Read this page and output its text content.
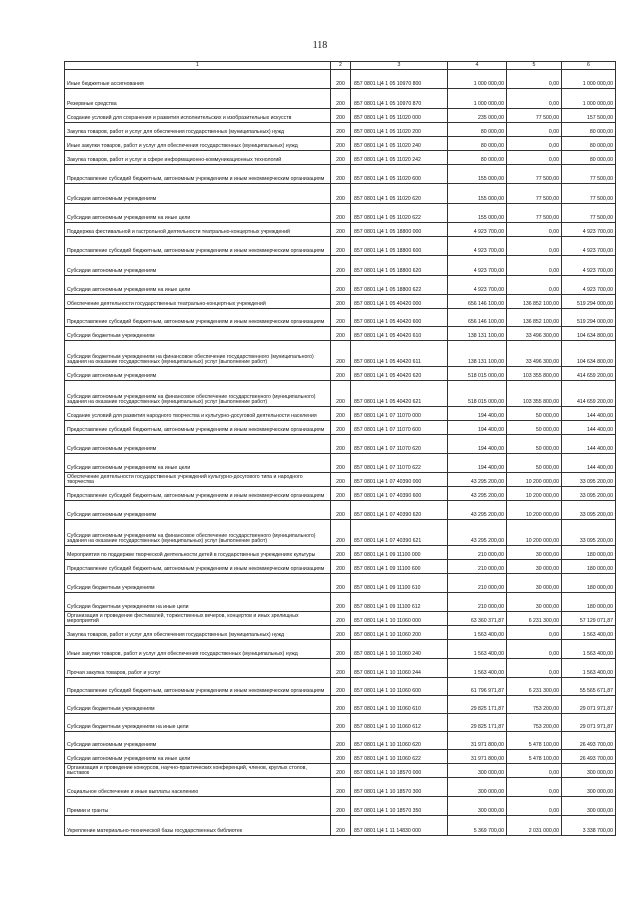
118
1	2	3	4	5	6
Иные бюджетные ассигнования	200	857 0801 Ц4 1 05 10970 800	1 000 000,00	0,00	1 000 000,00
Резервные средства	200	857 0801 Ц4 1 05 10970 870	1 000 000,00	0,00	1 000 000,00
Создание условий для сохранения и развития исполнительских и изобразительных искусств	200	857 0801 Ц4 1 05 11020 000	235 000,00	77 500,00	157 500,00
Закупка товаров, работ и услуг для обеспечения государственных (муниципальных) нужд	200	857 0801 Ц4 1 05 11020 200	80 000,00	0,00	80 000,00
Иные закупки товаров, работ и услуг для обеспечения государственных (муниципальных) нужд	200	857 0801 Ц4 1 05 11020 240	80 000,00	0,00	80 000,00
Закупка товаров, работ и услуг в сфере информационно-коммуникационных технологий	200	857 0801 Ц4 1 05 11020 242	80 000,00	0,00	80 000,00
Предоставление субсидий бюджетным, автономным учреждениям и иным некоммерческим организациям	200	857 0801 Ц4 1 05 11020 600	155 000,00	77 500,00	77 500,00
Субсидии автономным учреждениям	200	857 0801 Ц4 1 05 11020 620	155 000,00	77 500,00	77 500,00
Субсидии автономным учреждениям на иные цели	200	857 0801 Ц4 1 05 11020 622	155 000,00	77 500,00	77 500,00
Поддержка фестивальной и гастрольной деятельности театрально-концертных учреждений	200	857 0801 Ц4 1 05 18800 000	4 923 700,00	0,00	4 923 700,00
Предоставление субсидий бюджетным, автономным учреждениям и иным некоммерческим организациям	200	857 0801 Ц4 1 05 18800 600	4 923 700,00	0,00	4 923 700,00
Субсидии автономным учреждениям	200	857 0801 Ц4 1 05 18800 620	4 923 700,00	0,00	4 923 700,00
Субсидии автономным учреждениям на иные цели	200	857 0801 Ц4 1 05 18800 622	4 923 700,00	0,00	4 923 700,00
Обеспечение деятельности государственных театрально-концертных учреждений	200	857 0801 Ц4 1 05 40420 000	656 146 100,00	136 852 100,00	519 294 000,00
Предоставление субсидий бюджетным, автономным учреждениям и иным некоммерческим организациям	200	857 0801 Ц4 1 05 40420 600	656 146 100,00	136 852 100,00	519 294 000,00
Субсидии бюджетным учреждениям	200	857 0801 Ц4 1 05 40420 610	138 131 100,00	33 496 300,00	104 634 800,00
Субсидии бюджетным учреждениям на финансовое обеспечение государственного (муниципального) задания на оказание государственных (муниципальных) услуг (выполнение работ)	200	857 0801 Ц4 1 05 40420 611	138 131 100,00	33 496 300,00	104 634 800,00
Субсидии автономным учреждениям	200	857 0801 Ц4 1 05 40420 620	518 015 000,00	103 355 800,00	414 659 200,00
Субсидии автономным учреждениям на финансовое обеспечение государственного (муниципального) задания на оказание государственных (муниципальных) услуг (выполнение работ)	200	857 0801 Ц4 1 05 40420 621	518 015 000,00	103 355 800,00	414 659 200,00
Создание условий для развития народного творчества и культурно-досуговой деятельности населения	200	857 0801 Ц4 1 07 11070 000	194 400,00	50 000,00	144 400,00
Предоставление субсидий бюджетным, автономным учреждениям и иным некоммерческим организациям	200	857 0801 Ц4 1 07 11070 600	194 400,00	50 000,00	144 400,00
Субсидии автономным учреждениям	200	857 0801 Ц4 1 07 11070 620	194 400,00	50 000,00	144 400,00
Субсидии автономным учреждениям на иные цели	200	857 0801 Ц4 1 07 11070 622	194 400,00	50 000,00	144 400,00
Обеспечение деятельности государственных учреждений культурно-досугового типа и народного творчества	200	857 0801 Ц4 1 07 40390 000	43 295 200,00	10 200 000,00	33 095 200,00
Предоставление субсидий бюджетным, автономным учреждениям и иным некоммерческим организациям	200	857 0801 Ц4 1 07 40390 600	43 295 200,00	10 200 000,00	33 095 200,00
Субсидии автономным учреждениям	200	857 0801 Ц4 1 07 40390 620	43 295 200,00	10 200 000,00	33 095 200,00
Субсидии автономным учреждениям на финансовое обеспечение государственного (муниципального) задания на оказание государственных (муниципальных) услуг (выполнение работ)	200	857 0801 Ц4 1 07 40390 621	43 295 200,00	10 200 000,00	33 095 200,00
Мероприятия по поддержке творческой деятельности детей в государственных учреждениях культуры	200	857 0801 Ц4 1 09 11100 000	210 000,00	30 000,00	180 000,00
Предоставление субсидий бюджетным, автономным учреждениям и иным некоммерческим организациям	200	857 0801 Ц4 1 09 11100 600	210 000,00	30 000,00	180 000,00
Субсидии бюджетным учреждениям	200	857 0801 Ц4 1 09 11100 610	210 000,00	30 000,00	180 000,00
Субсидии бюджетным учреждениям на иные цели	200	857 0801 Ц4 1 09 11100 612	210 000,00	30 000,00	180 000,00
Организация и проведение фестивалей, торжественных вечеров, концертов и иных зрелищных мероприятий	200	857 0801 Ц4 1 10 11060 000	63 360 371,87	6 231 300,00	57 129 071,87
Закупка товаров, работ и услуг для обеспечения государственных (муниципальных) нужд	200	857 0801 Ц4 1 10 11060 200	1 563 400,00	0,00	1 563 400,00
Иные закупки товаров, работ и услуг для обеспечения государственных (муниципальных) нужд	200	857 0801 Ц4 1 10 11060 240	1 563 400,00	0,00	1 563 400,00
Прочая закупка товаров, работ и услуг	200	857 0801 Ц4 1 10 11060 244	1 563 400,00	0,00	1 563 400,00
Предоставление субсидий бюджетным, автономным учреждениям и иным некоммерческим организациям	200	857 0801 Ц4 1 10 11060 600	61 796 971,87	6 231 300,00	55 565 671,87
Субсидии бюджетным учреждениям	200	857 0801 Ц4 1 10 11060 610	29 825 171,87	753 200,00	29 071 971,87
Субсидии бюджетным учреждениям на иные цели	200	857 0801 Ц4 1 10 11060 612	29 825 171,87	753 200,00	29 071 971,87
Субсидии автономным учреждениям	200	857 0801 Ц4 1 10 11060 620	31 971 800,00	5 478 100,00	26 493 700,00
Субсидии автономным учреждениям на иные цели	200	857 0801 Ц4 1 10 11060 622	31 971 800,00	5 478 100,00	26 493 700,00
Организация и проведение конкурсов, научно-практических конференций, членов, круглых столов, выставок	200	857 0801 Ц4 1 10 18570 000	300 000,00	0,00	300 000,00
Социальное обеспечение и иные выплаты населению	200	857 0801 Ц4 1 10 18570 300	300 000,00	0,00	300 000,00
Премии и гранты	200	857 0801 Ц4 1 10 18570 350	300 000,00	0,00	300 000,00
Укрепление материально-технической базы государственных библиотек	200	857 0801 Ц4 1 11 14830 000	5 369 700,00	2 031 000,00	3 338 700,00
